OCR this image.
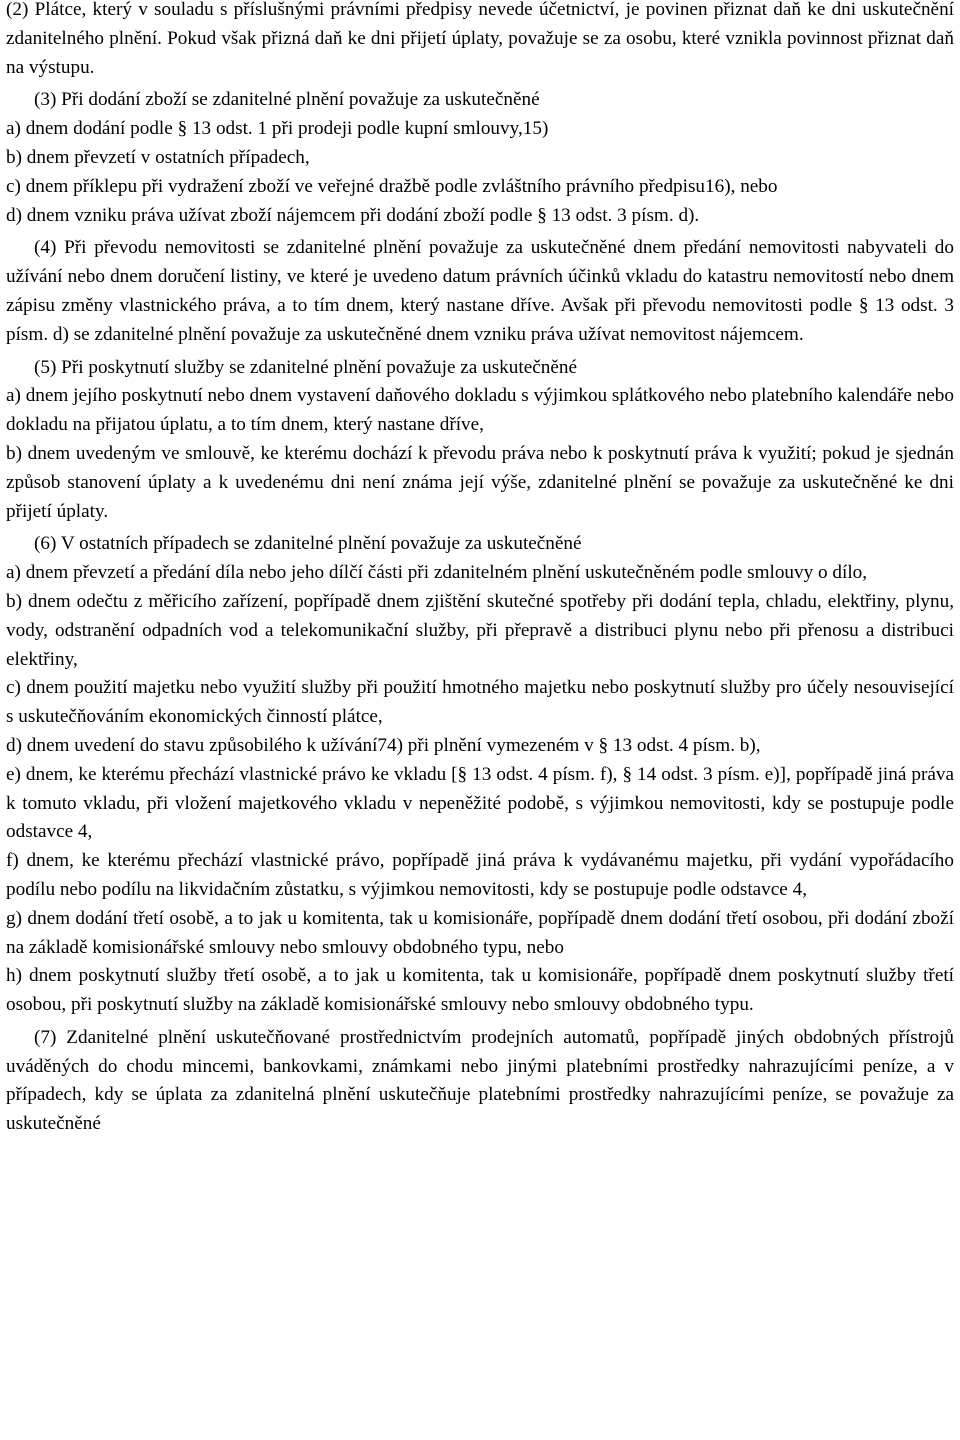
(2) Plátce, který v souladu s příslušnými právními předpisy nevede účetnictví, je povinen přiznat daň ke dni uskutečnění zdanitelného plnění. Pokud však přizná daň ke dni přijetí úplaty, považuje se za osobu, které vznikla povinnost přiznat daň na výstupu.

(3) Při dodání zboží se zdanitelné plnění považuje za uskutečněné

a) dnem dodání podle § 13 odst. 1 při prodeji podle kupní smlouvy,15)

b) dnem převzetí v ostatních případech,

c) dnem příklepu při vydražení zboží ve veřejné dražbě podle zvláštního právního předpisu16), nebo

d) dnem vzniku práva užívat zboží nájemcem při dodání zboží podle § 13 odst. 3 písm. d).

(4) Při převodu nemovitosti se zdanitelné plnění považuje za uskutečněné dnem předání nemovitosti nabyvateli do užívání nebo dnem doručení listiny, ve které je uvedeno datum právních účinků vkladu do katastru nemovitostí nebo dnem zápisu změny vlastnického práva, a to tím dnem, který nastane dříve. Avšak při převodu nemovitosti podle § 13 odst. 3 písm. d) se zdanitelné plnění považuje za uskutečněné dnem vzniku práva užívat nemovitost nájemcem.

(5) Při poskytnutí služby se zdanitelné plnění považuje za uskutečněné

a) dnem jejího poskytnutí nebo dnem vystavení daňového dokladu s výjimkou splátkového nebo platebního kalendáře nebo dokladu na přijatou úplatu, a to tím dnem, který nastane dříve,

b) dnem uvedeným ve smlouvě, ke kterému dochází k převodu práva nebo k poskytnutí práva k využití; pokud je sjednán způsob stanovení úplaty a k uvedenému dni není známa její výše, zdanitelné plnění se považuje za uskutečněné ke dni přijetí úplaty.

(6) V ostatních případech se zdanitelné plnění považuje za uskutečněné

a) dnem převzetí a předání díla nebo jeho dílčí části při zdanitelném plnění uskutečněném podle smlouvy o dílo,

b) dnem odečtu z měřicího zařízení, popřípadě dnem zjištění skutečné spotřeby při dodání tepla, chladu, elektřiny, plynu, vody, odstranění odpadních vod a telekomunikační služby, při přepravě a distribuci plynu nebo při přenosu a distribuci elektřiny,

c) dnem použití majetku nebo využití služby při použití hmotného majetku nebo poskytnutí služby pro účely nesouvisející s uskutečňováním ekonomických činností plátce,

d) dnem uvedení do stavu způsobilého k užívání74) při plnění vymezeném v § 13 odst. 4 písm. b),

e) dnem, ke kterému přechází vlastnické právo ke vkladu [§ 13 odst. 4 písm. f), § 14 odst. 3 písm. e)], popřípadě jiná práva k tomuto vkladu, při vložení majetkového vkladu v nepeněžité podobě, s výjimkou nemovitosti, kdy se postupuje podle odstavce 4,

f) dnem, ke kterému přechází vlastnické právo, popřípadě jiná práva k vydávanému majetku, při vydání vypořádacího podílu nebo podílu na likvidačním zůstatku, s výjimkou nemovitosti, kdy se postupuje podle odstavce 4,

g) dnem dodání třetí osobě, a to jak u komitenta, tak u komisionáře, popřípadě dnem dodání třetí osobou, při dodání zboží na základě komisionářské smlouvy nebo smlouvy obdobného typu, nebo

h) dnem poskytnutí služby třetí osobě, a to jak u komitenta, tak u komisionáře, popřípadě dnem poskytnutí služby třetí osobou, při poskytnutí služby na základě komisionářské smlouvy nebo smlouvy obdobného typu.

(7) Zdanitelné plnění uskutečňované prostřednictvím prodejních automatů, popřípadě jiných obdobných přístrojů uváděných do chodu mincemi, bankovkami, známkami nebo jinými platebními prostředky nahrazujícími peníze, a v případech, kdy se úplata za zdanitelná plnění uskutečňuje platebními prostředky nahrazujícími peníze, se považuje za uskutečněné
